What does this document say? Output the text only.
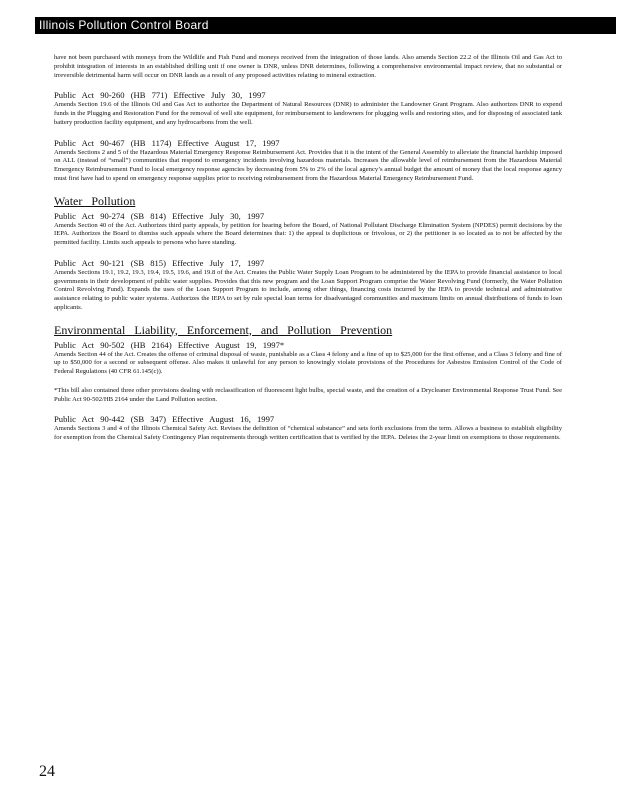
Illinois Pollution Control Board

have not been purchased with moneys from the Wildlife and Fish Fund and moneys received from the integration of those lands. Also amends Section 22.2 of the Illinois Oil and Gas Act to prohibit integration of interests in an established drilling unit if one owner is DNR, unless DNR determines, following a comprehensive environmental impact review, that no substantial or irreversible detrimental harm will occur on DNR lands as a result of any proposed activities relating to mineral extraction.

Public Act 90-260 (HB 771) Effective July 30, 1997

Amends Section 19.6 of the Illinois Oil and Gas Act to authorize the Department of Natural Resources (DNR) to administer the Landowner Grant Program. Also authorizes DNR to expend funds in the Plugging and Restoration Fund for the removal of well site equipment, for reimbursement to landowners for plugging wells and restoring sites, and for disposing of associated tank battery production facility equipment, and any hydrocarbons from the well.

Public Act 90-467 (HB 1174) Effective August 17, 1997

Amends Sections 2 and 5 of the Hazardous Material Emergency Response Reimbursement Act. Provides that it is the intent of the General Assembly to alleviate the financial hardship imposed on ALL (instead of “small”) communities that respond to emergency incidents involving hazardous materials. Increases the allowable level of reimbursement from the Hazardous Material Emergency Reimbursement Fund to local emergency response agencies by decreasing from 5% to 2% of the local agency’s annual budget the amount of money that the local response agency must first have had to spend on emergency response supplies prior to receiving reimbursement from the Hazardous Material Emergency Reimbursement Fund.

Water Pollution
Public Act 90-274 (SB 814) Effective July 30, 1997

Amends Section 40 of the Act. Authorizes third party appeals, by petition for hearing before the Board, of National Pollutant Discharge Elimination System (NPDES) permit decisions by the IEPA. Authorizes the Board to dismiss such appeals where the Board determines that: 1) the appeal is duplicitous or frivolous, or 2) the petitioner is so located as to not be affected by the permitted facility. Limits such appeals to persons who have standing.

Public Act 90-121 (SB 815) Effective July 17, 1997

Amends Sections 19.1, 19.2, 19.3, 19.4, 19.5, 19.6, and 19.8 of the Act. Creates the Public Water Supply Loan Program to be administered by the IEPA to provide financial assistance to local governments in their development of public water supplies. Provides that this new program and the Loan Support Program comprise the Water Revolving Fund (formerly, the Water Pollution Control Revolving Fund). Expands the uses of the Loan Support Program to include, among other things, financing costs incurred by the IEPA to provide technical and administrative assistance relating to public water systems. Authorizes the IEPA to set by rule special loan terms for disadvantaged communities and maximum limits on annual distributions of funds to loan applicants.

Environmental Liability, Enforcement, and Pollution Prevention
Public Act 90-502 (HB 2164) Effective August 19, 1997*

Amends Section 44 of the Act. Creates the offense of criminal disposal of waste, punishable as a Class 4 felony and a fine of up to $25,000 for the first offense, and a Class 3 felony and fine of up to $50,000 for a second or subsequent offense. Also makes it unlawful for any person to knowingly violate provisions of the Procedures for Asbestos Emission Control of the Code of Federal Regulations (40 CFR 61.145(c)).

*This bill also contained three other provisions dealing with reclassification of fluorescent light bulbs, special waste, and the creation of a Drycleaner Environmental Response Trust Fund. See Public Act 90-502/HB 2164 under the Land Pollution section.

Public Act 90-442 (SB 347) Effective August 16, 1997

Amends Sections 3 and 4 of the Illinois Chemical Safety Act. Revises the definition of “chemical substance” and sets forth exclusions from the term. Allows a business to establish eligibility for exemption from the Chemical Safety Contingency Plan requirements through written certification that is verified by the IEPA. Deletes the 2-year limit on exemptions to those requirements.

24
